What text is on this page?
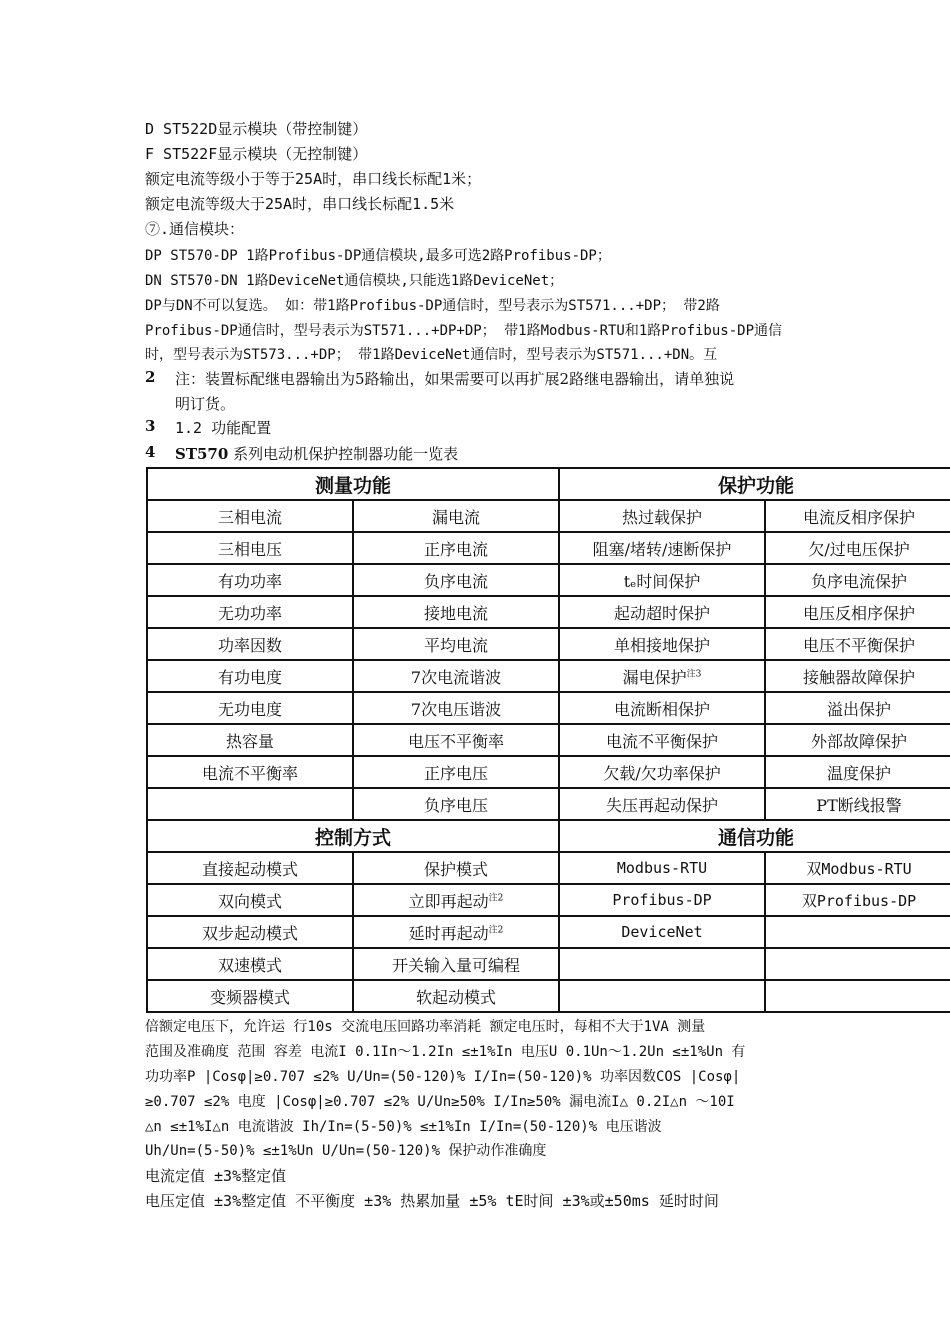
D ST522D显示模块（带控制键）
F ST522F显示模块（无控制键）
额定电流等级小于等于25A时，串口线长标配1米；
额定电流等级大于25A时，串口线长标配1.5米
⑦.通信模块：
DP ST570-DP 1路Profibus-DP通信模块,最多可选2路Profibus-DP；
DN ST570-DN 1路DeviceNet通信模块,只能选1路DeviceNet；
DP与DN不可以复选。 如：带1路Profibus-DP通信时，型号表示为ST571...+DP； 带2路
Profibus-DP通信时，型号表示为ST571...+DP+DP； 带1路Modbus-RTU和1路Profibus-DP通信
时，型号表示为ST573...+DP； 带1路DeviceNet通信时，型号表示为ST571...+DN。互
2 注：装置标配继电器输出为5路输出，如果需要可以再扩展2路继电器输出，请单独说
明订货。
3 1.2 功能配置
4 ST570 系列电动机保护控制器功能一览表
测量功能		保护功能	
三相电流	漏电流	热过载保护	电流反相序保护
三相电压	正序电流	阻塞/堵转/速断保护	欠/过电压保护
有功功率	负序电流	tₑ时间保护	负序电流保护
无功功率	接地电流	起动超时保护	电压反相序保护
功率因数	平均电流	单相接地保护	电压不平衡保护
有功电度	7次电流谐波	漏电保护$^{注3}$	接触器故障保护
无功电度	7次电压谐波	电流断相保护	溢出保护
热容量	电压不平衡率	电流不平衡保护	外部故障保护
电流不平衡率	正序电压	欠载/欠功率保护	温度保护
	负序电压	失压再起动保护	PT断线报警
控制方式		通信功能	
直接起动模式	保护模式	Modbus-RTU	双Modbus-RTU
双向模式	立即再起动$^{注2}$	Profibus-DP	双Profibus-DP
双步起动模式	延时再起动$^{注2}$	DeviceNet	
双速模式	开关输入量可编程		
变频器模式	软起动模式		
倍额定电压下，允许运 行10s 交流电压回路功率消耗 额定电压时，每相不大于1VA 测量
范围及准确度 范围 容差 电流I 0.1In～1.2In ≤±1%In 电压U 0.1Un～1.2Un ≤±1%Un 有
功功率P |Cosφ|≥0.707 ≤2% U/Un=(50-120)% I/In=(50-120)% 功率因数COS |Cosφ|
≥0.707 ≤2% 电度 |Cosφ|≥0.707 ≤2% U/Un≥50% I/In≥50% 漏电流I△ 0.2I△n ～10I
△n ≤±1%I△n 电流谐波 Ih/In=(5-50)% ≤±1%In I/In=(50-120)% 电压谐波
Uh/Un=(5-50)% ≤±1%Un U/Un=(50-120)% 保护动作准确度
电流定值 ±3%整定值
电压定值 ±3%整定值 不平衡度 ±3% 热累加量 ±5% tE时间 ±3%或±50ms 延时时间
